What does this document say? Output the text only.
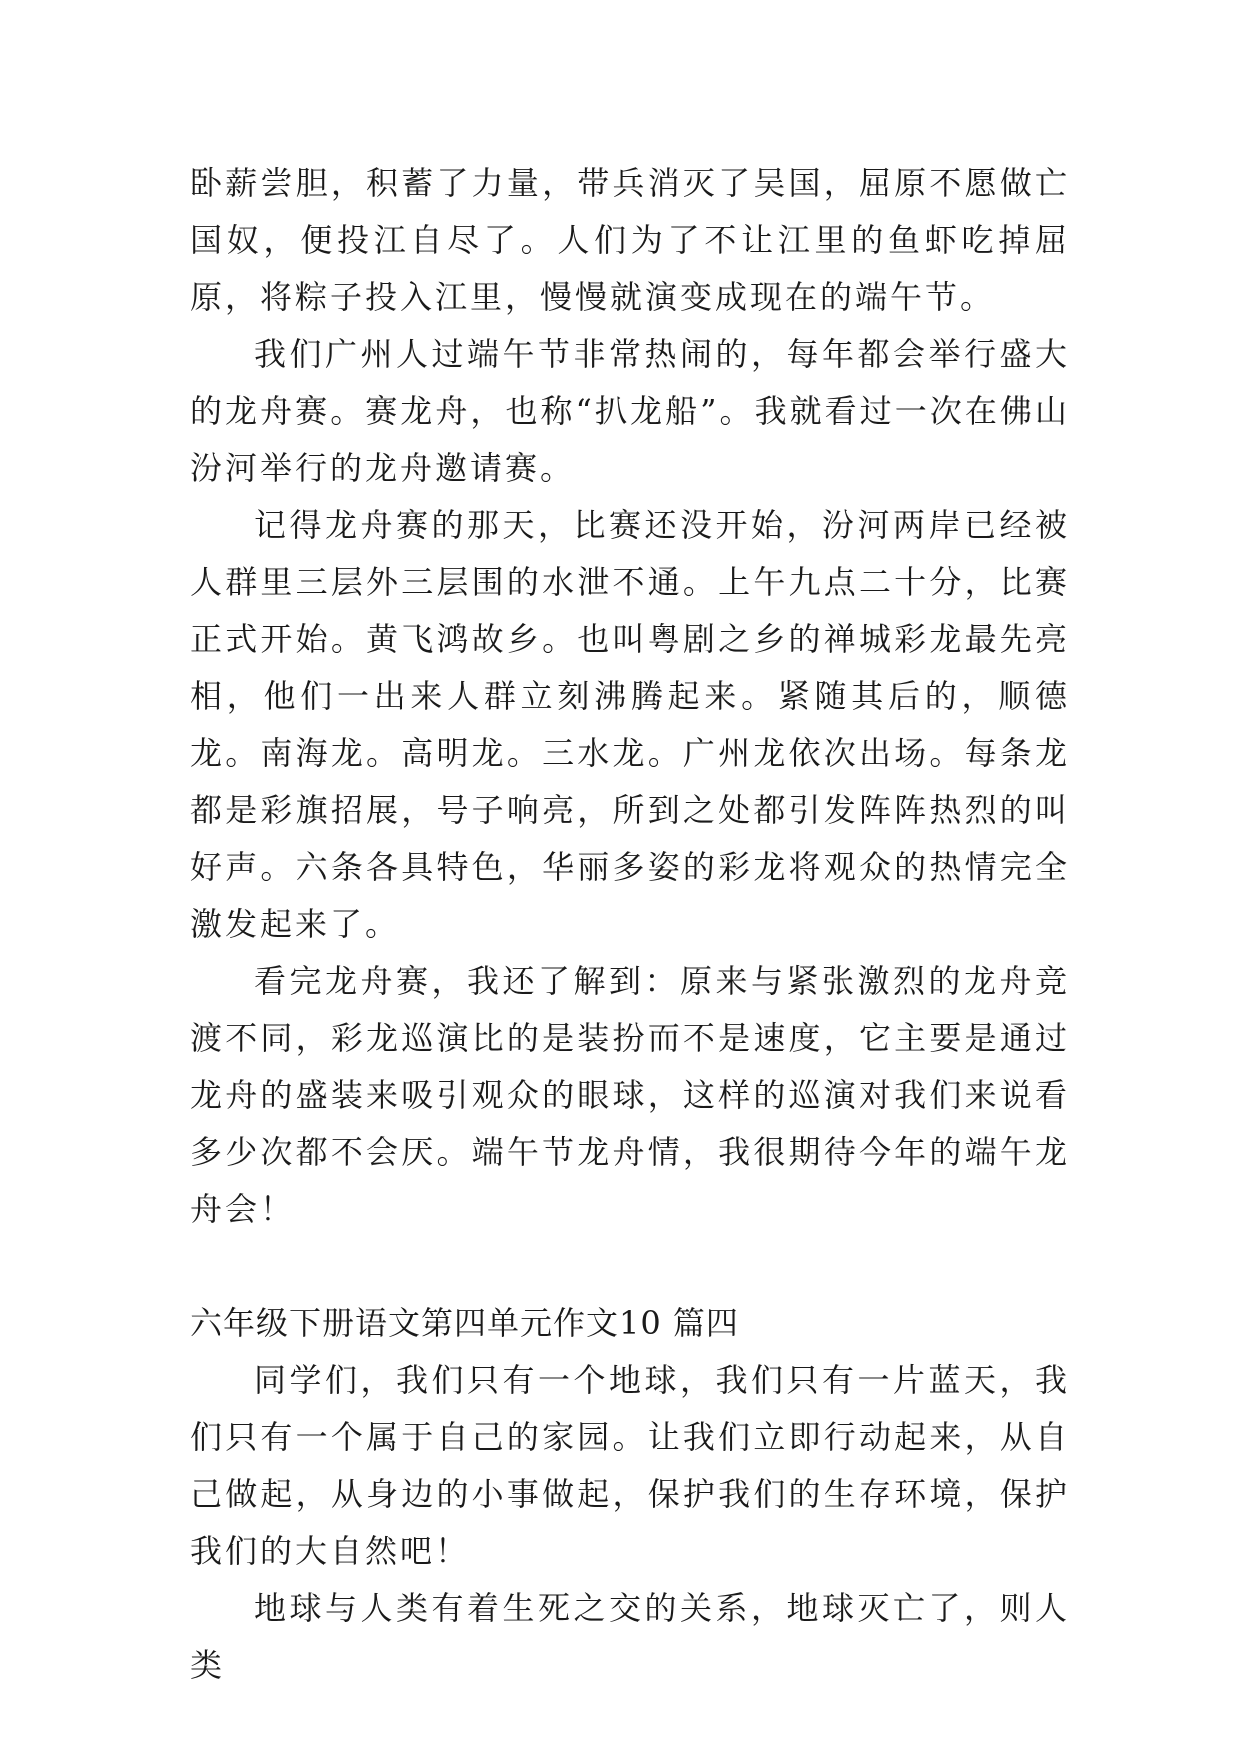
卧薪尝胆，积蓄了力量，带兵消灭了吴国，屈原不愿做亡国奴，便投江自尽了。人们为了不让江里的鱼虾吃掉屈原，将粽子投入江里，慢慢就演变成现在的端午节。

我们广州人过端午节非常热闹的，每年都会举行盛大的龙舟赛。赛龙舟，也称“扒龙船”。我就看过一次在佛山汾河举行的龙舟邀请赛。

记得龙舟赛的那天，比赛还没开始，汾河两岸已经被人群里三层外三层围的水泄不通。上午九点二十分，比赛正式开始。黄飞鸿故乡。也叫粤剧之乡的禅城彩龙最先亮相，他们一出来人群立刻沸腾起来。紧随其后的，顺德龙。南海龙。高明龙。三水龙。广州龙依次出场。每条龙都是彩旗招展，号子响亮，所到之处都引发阵阵热烈的叫好声。六条各具特色，华丽多姿的彩龙将观众的热情完全激发起来了。

看完龙舟赛，我还了解到：原来与紧张激烈的龙舟竞渡不同，彩龙巡演比的是装扮而不是速度，它主要是通过龙舟的盛装来吸引观众的眼球，这样的巡演对我们来说看多少次都不会厌。端午节龙舟情，我很期待今年的端午龙舟会！

六年级下册语文第四单元作文10 篇四

同学们，我们只有一个地球，我们只有一片蓝天，我们只有一个属于自己的家园。让我们立即行动起来，从自己做起，从身边的小事做起，保护我们的生存环境，保护我们的大自然吧！

地球与人类有着生死之交的关系，地球灭亡了，则人类
